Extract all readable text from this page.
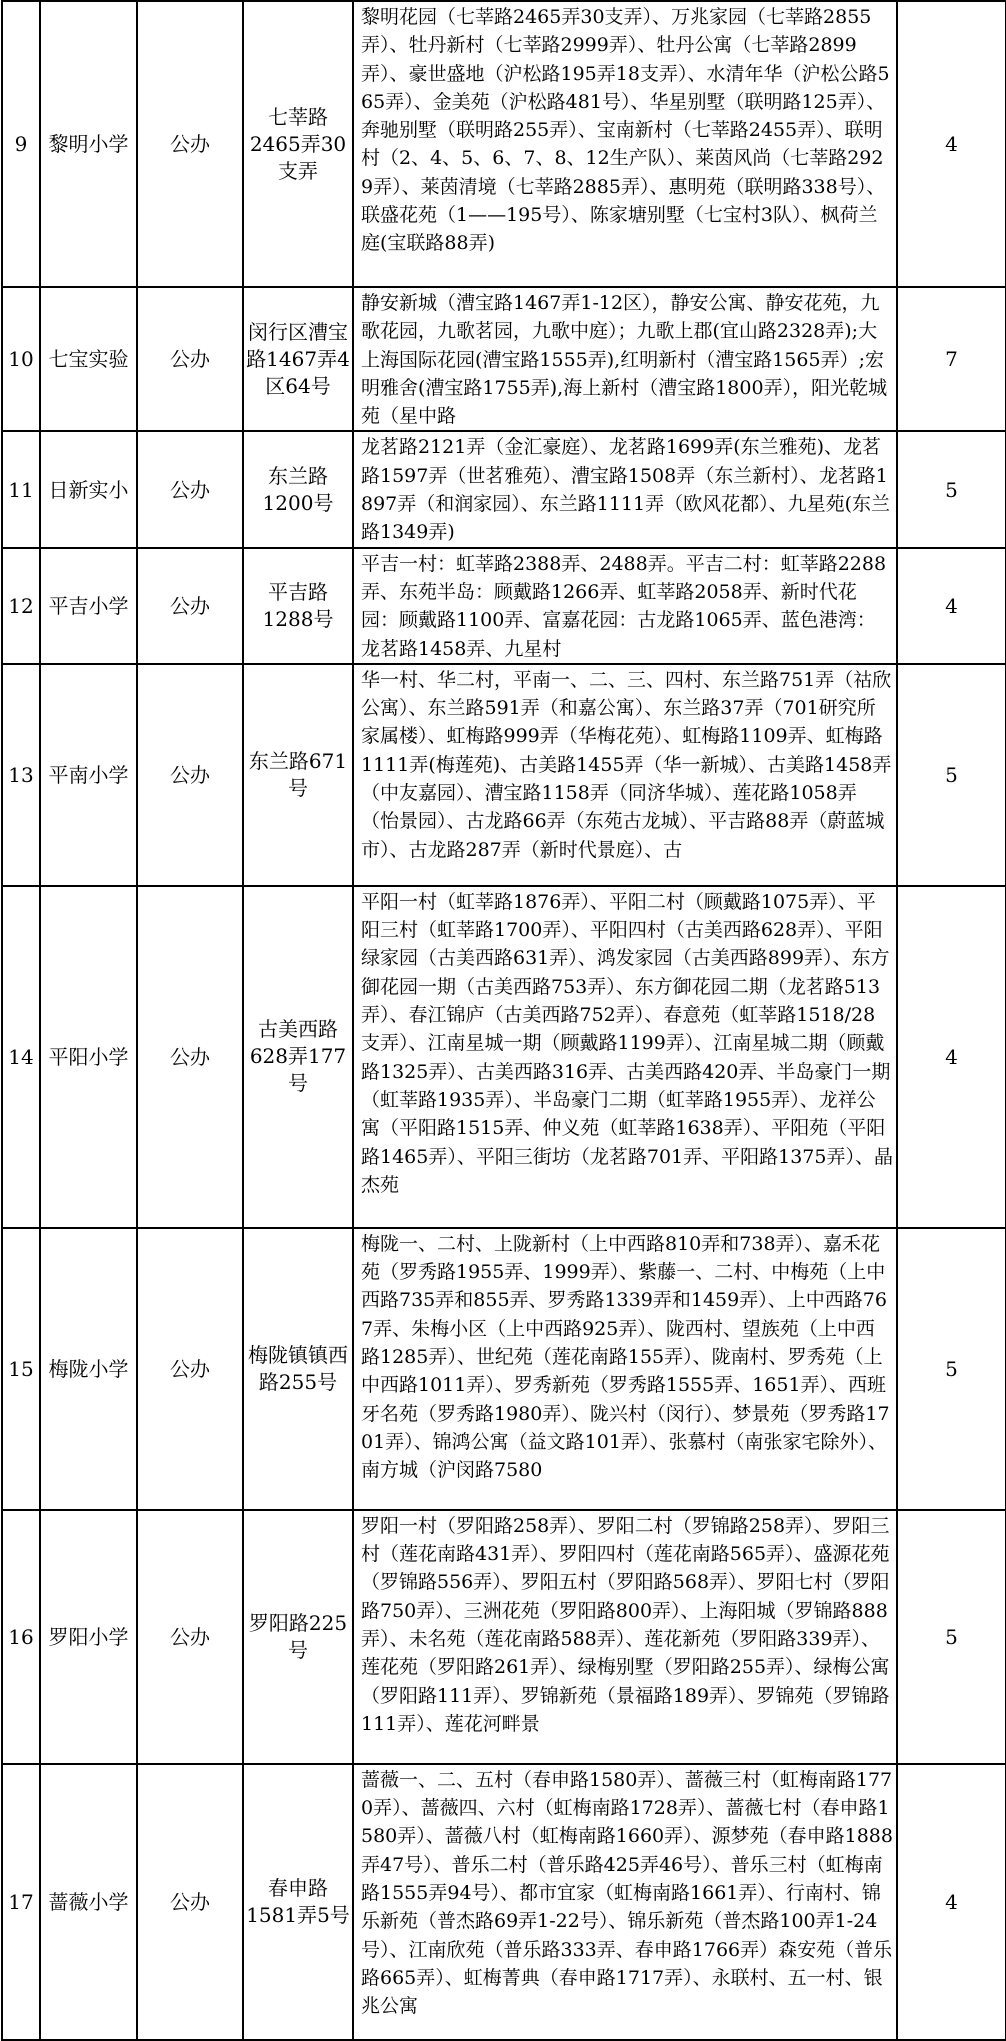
9	黎明小学	公办	七莘路2465弄30支弄	黎明花园（七莘路2465弄30支弄）、万兆家园（七莘路2855弄）、牡丹新村（七莘路2999弄）、牡丹公寓（七莘路2899弄）、豪世盛地（沪松路195弄18支弄）、水清年华（沪松公路565弄）、金美苑（沪松路481号）、华星别墅（联明路125弄）、奔驰别墅（联明路255弄）、宝南新村（七莘路2455弄）、联明村（2、4、5、6、7、8、12生产队）、莱茵风尚（七莘路2929弄）、莱茵清境（七莘路2885弄）、惠明苑（联明路338号）、联盛花苑（1——195号）、陈家塘别墅（七宝村3队）、枫荷兰庭(宝联路88弄)	4
10	七宝实验	公办	闵行区漕宝路1467弄4区64号	静安新城（漕宝路1467弄1-12区），静安公寓、静安花苑，九歌花园，九歌茗园，九歌中庭）；九歌上郡(宜山路2328弄);大上海国际花园(漕宝路1555弄),红明新村（漕宝路1565弄）;宏明雅舍(漕宝路1755弄),海上新村（漕宝路1800弄），阳光乾城苑（星中路	7
11	日新实小	公办	东兰路1200号	龙茗路2121弄（金汇豪庭）、龙茗路1699弄(东兰雅苑)、龙茗路1597弄（世茗雅苑）、漕宝路1508弄（东兰新村）、龙茗路1897弄（和润家园）、东兰路1111弄（欧风花都）、九星苑(东兰路1349弄)	5
12	平吉小学	公办	平吉路1288号	平吉一村：虹莘路2388弄、2488弄。平吉二村：虹莘路2288弄、东苑半岛：顾戴路1266弄、虹莘路2058弄、新时代花园：顾戴路1100弄、富嘉花园：古龙路1065弄、蓝色港湾：龙茗路1458弄、九星村	4
13	平南小学	公办	东兰路671号	华一村、华二村，平南一、二、三、四村、东兰路751弄（祜欣公寓）、东兰路591弄（和嘉公寓）、东兰路37弄（701研究所家属楼）、虹梅路999弄（华梅花苑）、虹梅路1109弄、虹梅路1111弄(梅莲苑)、古美路1455弄（华一新城）、古美路1458弄（中友嘉园）、漕宝路1158弄（同济华城）、莲花路1058弄（怡景园）、古龙路66弄（东苑古龙城）、平吉路88弄（蔚蓝城市）、古龙路287弄（新时代景庭）、古	5
14	平阳小学	公办	古美西路628弄177号	平阳一村（虹莘路1876弄）、平阳二村（顾戴路1075弄）、平阳三村（虹莘路1700弄）、平阳四村（古美西路628弄）、平阳绿家园（古美西路631弄）、鸿发家园（古美西路899弄）、东方御花园一期（古美西路753弄）、东方御花园二期（龙茗路513弄）、春江锦庐（古美西路752弄）、春意苑（虹莘路1518/28支弄）、江南星城一期（顾戴路1199弄）、江南星城二期（顾戴路1325弄）、古美西路316弄、古美西路420弄、半岛豪门一期（虹莘路1935弄）、半岛豪门二期（虹莘路1955弄）、龙祥公寓（平阳路1515弄、仲义苑（虹莘路1638弄）、平阳苑（平阳路1465弄）、平阳三街坊（龙茗路701弄、平阳路1375弄）、晶杰苑	4
15	梅陇小学	公办	梅陇镇镇西路255号	梅陇一、二村、上陇新村（上中西路810弄和738弄）、嘉禾花苑（罗秀路1955弄、1999弄）、紫藤一、二村、中梅苑（上中西路735弄和855弄、罗秀路1339弄和1459弄）、上中西路767弄、朱梅小区（上中西路925弄）、陇西村、望族苑（上中西路1285弄）、世纪苑（莲花南路155弄）、陇南村、罗秀苑（上中西路1011弄）、罗秀新苑（罗秀路1555弄、1651弄）、西班牙名苑（罗秀路1980弄）、陇兴村（闵行）、梦景苑（罗秀路1701弄）、锦鸿公寓（益文路101弄）、张慕村（南张家宅除外）、南方城（沪闵路7580	5
16	罗阳小学	公办	罗阳路225号	罗阳一村（罗阳路258弄）、罗阳二村（罗锦路258弄）、罗阳三村（莲花南路431弄）、罗阳四村（莲花南路565弄）、盛源花苑（罗锦路556弄）、罗阳五村（罗阳路568弄）、罗阳七村（罗阳路750弄）、三洲花苑（罗阳路800弄）、上海阳城（罗锦路888弄）、未名苑（莲花南路588弄）、莲花新苑（罗阳路339弄）、莲花苑（罗阳路261弄）、绿梅别墅（罗阳路255弄）、绿梅公寓（罗阳路111弄）、罗锦新苑（景福路189弄）、罗锦苑（罗锦路111弄）、莲花河畔景	5
17	蔷薇小学	公办	春申路1581弄5号	蔷薇一、二、五村（春申路1580弄）、蔷薇三村（虹梅南路1770弄）、蔷薇四、六村（虹梅南路1728弄）、蔷薇七村（春申路1580弄）、蔷薇八村（虹梅南路1660弄）、源梦苑（春申路1888弄47号）、普乐二村（普乐路425弄46号）、普乐三村（虹梅南路1555弄94号）、都市宜家（虹梅南路1661弄）、行南村、锦乐新苑（普杰路69弄1-22号）、锦乐新苑（普杰路100弄1-24号）、江南欣苑（普乐路333弄、春申路1766弄）森安苑（普乐路665弄）、虹梅菁典（春申路1717弄）、永联村、五一村、银兆公寓	4
